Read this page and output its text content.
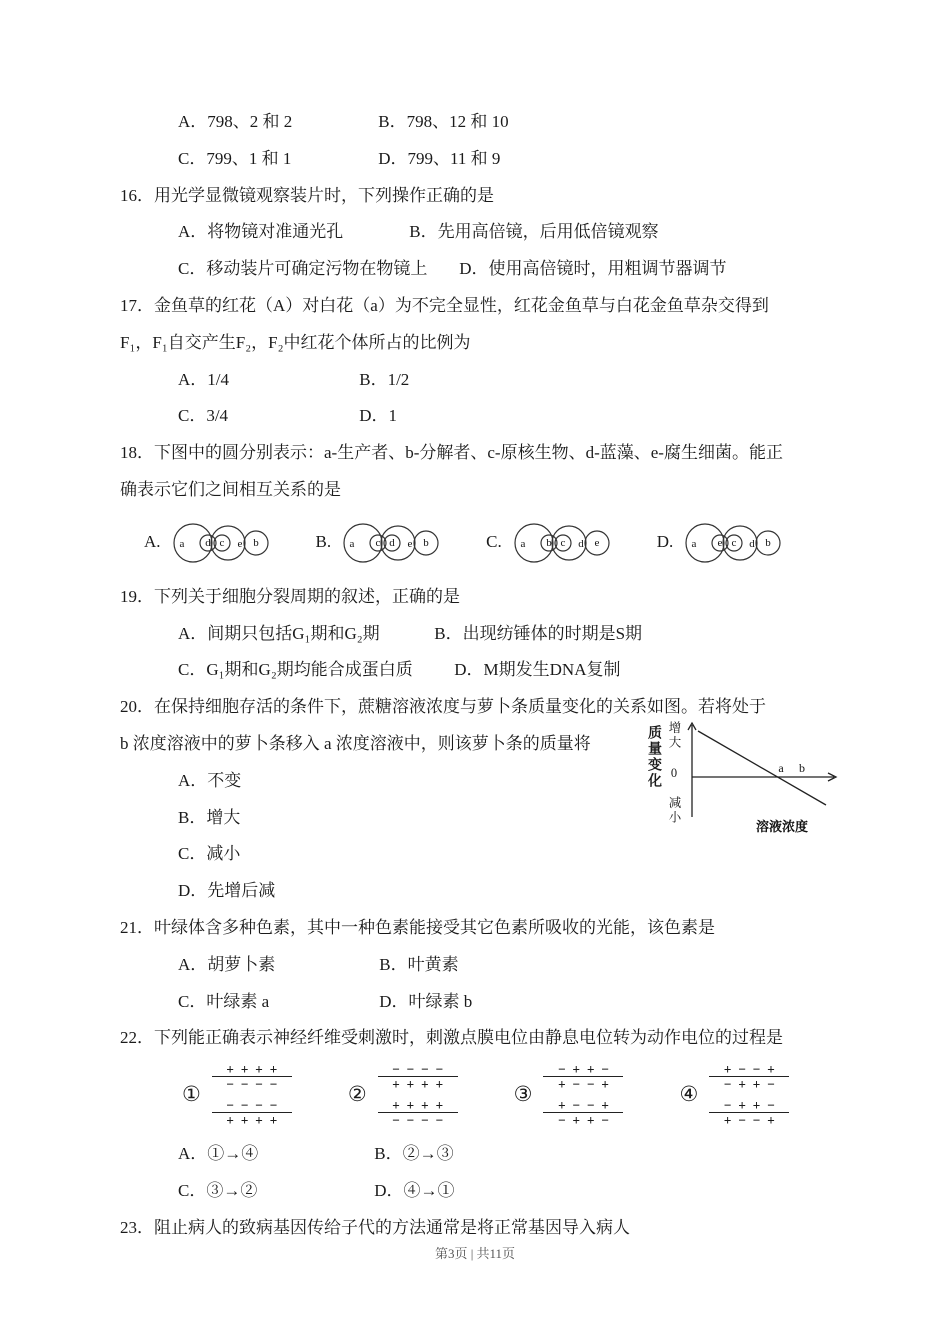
A．798、2 和 2	B．798、12 和 10
C．799、1 和 1	D．799、11 和 9
16．用光学显微镜观察装片时，下列操作正确的是
A．将物镜对准通光孔	B．先用高倍镜，后用低倍镜观察
C．移动装片可确定污物在物镜上 D．使用高倍镜时，用粗调节器调节
17．金鱼草的红花（A）对白花（a）为不完全显性，红花金鱼草与白花金鱼草杂交得到
F₁，F₁自交产生F₂，F₂中红花个体所占的比例为
A．1/4	B．1/2
C．3/4	D．1
18．下图中的圆分别表示：a-生产者、b-分解者、c-原核生物、d-蓝藻、e-腐生细菌。能正
确表示它们之间相互关系的是
A. a d c e b	B. a c d e b	C. a b c d e	D. a e c d b
19．下列关于细胞分裂周期的叙述，正确的是
A．间期只包括G₁期和G₂期	B．出现纺锤体的时期是S期
C．G₁期和G₂期均能合成蛋白质 D．M期发生DNA复制
20．在保持细胞存活的条件下，蔗糖溶液浓度与萝卜条质量变化的关系如图。若将处于
b 浓度溶液中的萝卜条移入 a 浓度溶液中，则该萝卜条的质量将
A．不变
B．增大
C．减小
D．先增后减
质量变化 增大
0
减小
a b
溶液浓度
21．叶绿体含多种色素，其中一种色素能接受其它色素所吸收的光能，该色素是
A．胡萝卜素	B．叶黄素
C．叶绿素 a	D．叶绿素 b
22．下列能正确表示神经纤维受刺激时，刺激点膜电位由静息电位转为动作电位的过程是
①
+ + + +
− − − −
− − − −
+ + + +
②
− − − −
+ + + +
+ + + +
− − − −
③
− + + −
+ − − +
+ − − +
− + + −
④
+ − − +
− + + −
− + + −
+ − − +
A．①→④	B．②→③
C．③→②	D．④→①
23．阻止病人的致病基因传给子代的方法通常是将正常基因导入病人
第3页 | 共11页
